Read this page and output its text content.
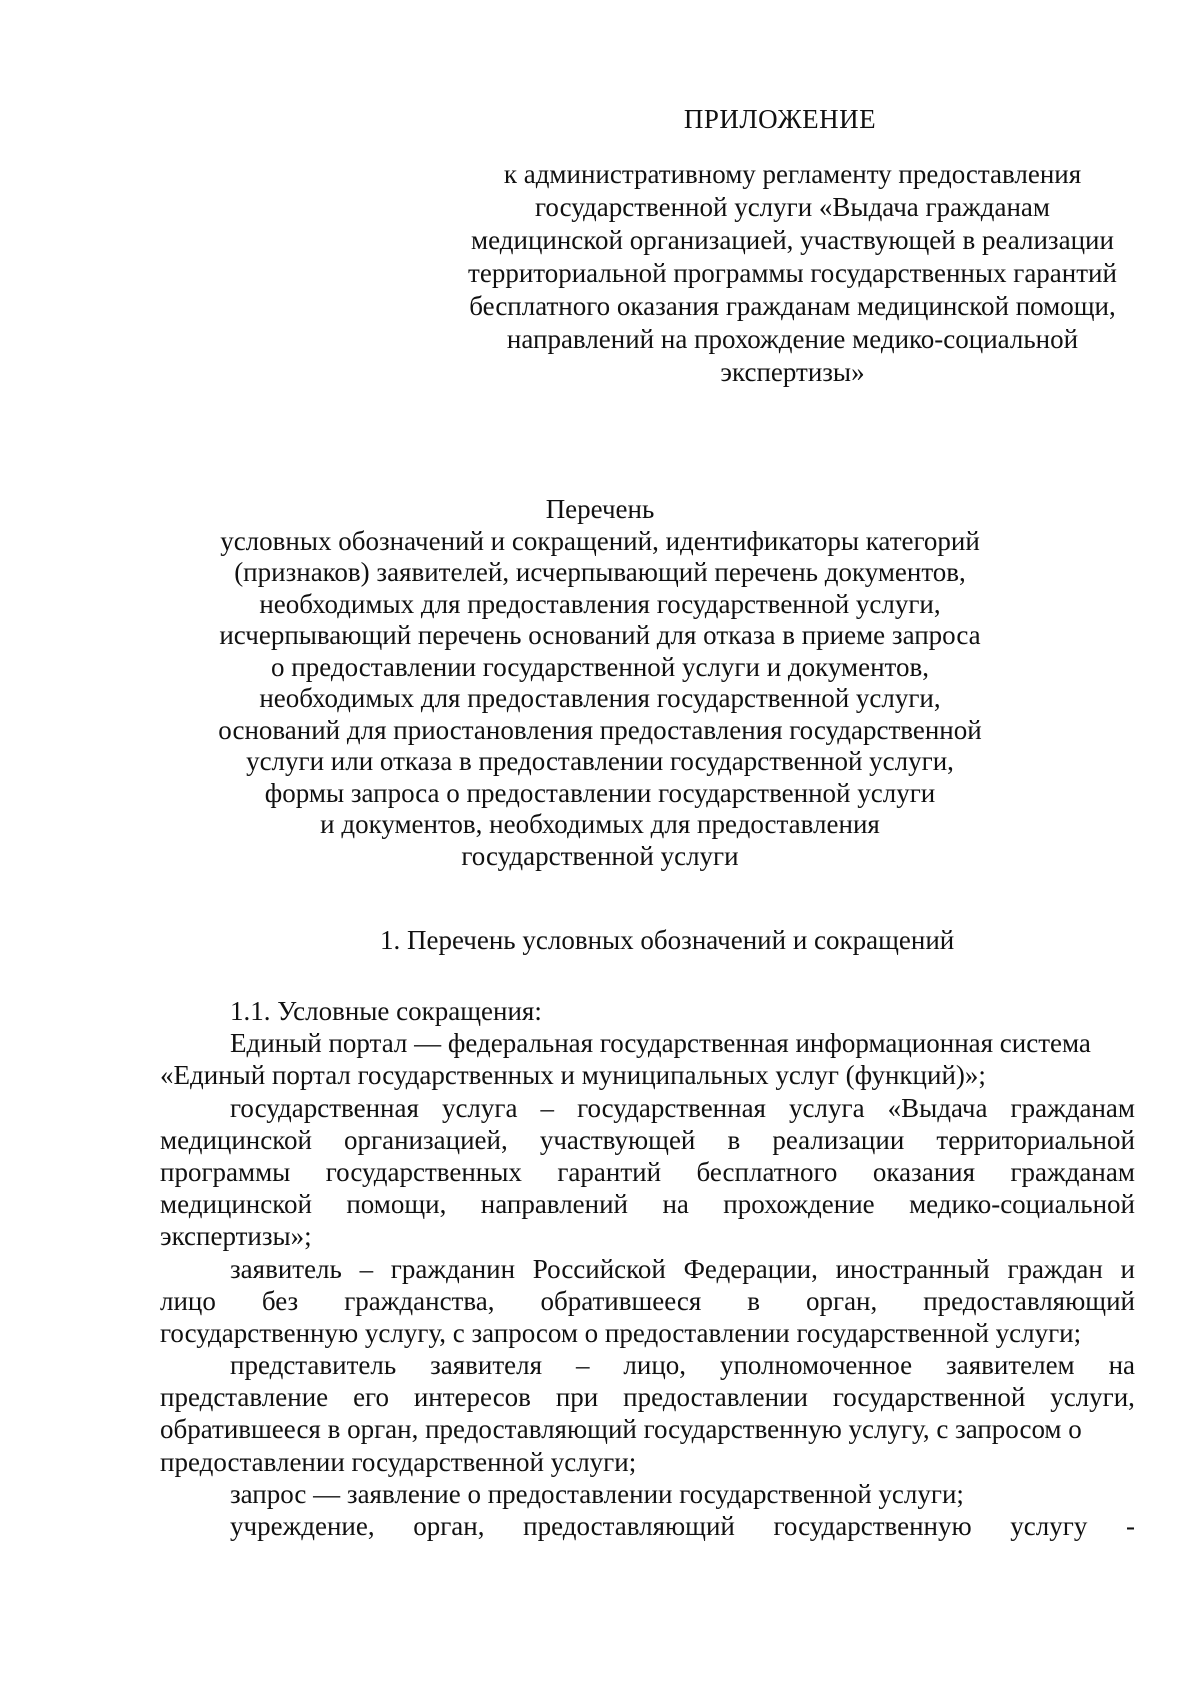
ПРИЛОЖЕНИЕ
к административному регламенту предоставления
государственной услуги «Выдача гражданам
медицинской организацией, участвующей в реализации
территориальной программы государственных гарантий
бесплатного оказания гражданам медицинской помощи,
направлений на прохождение медико-социальной
экспертизы»
Перечень
условных обозначений и сокращений, идентификаторы категорий
(признаков) заявителей, исчерпывающий перечень документов,
необходимых для предоставления государственной услуги,
исчерпывающий перечень оснований для отказа в приеме запроса
о предоставлении государственной услуги и документов,
необходимых для предоставления государственной услуги,
оснований для приостановления предоставления государственной
услуги или отказа в предоставлении государственной услуги,
формы запроса о предоставлении государственной услуги
и документов, необходимых для предоставления
государственной услуги
1. Перечень условных обозначений и сокращений
1.1. Условные сокращения:
Единый портал — федеральная государственная информационная система
«Единый портал государственных и муниципальных услуг (функций)»;
государственная услуга – государственная услуга «Выдача гражданам
медицинской организацией, участвующей в реализации территориальной
программы государственных гарантий бесплатного оказания гражданам
медицинской помощи, направлений на прохождение медико-социальной
экспертизы»;
заявитель – гражданин Российской Федерации, иностранный граждан и
лицо без гражданства, обратившееся в орган, предоставляющий
государственную услугу, с запросом о предоставлении государственной услуги;
представитель заявителя – лицо, уполномоченное заявителем на
представление его интересов при предоставлении государственной услуги,
обратившееся в орган, предоставляющий государственную услугу, с запросом о
предоставлении государственной услуги;
запрос — заявление о предоставлении государственной услуги;
учреждение, орган, предоставляющий государственную услугу -
